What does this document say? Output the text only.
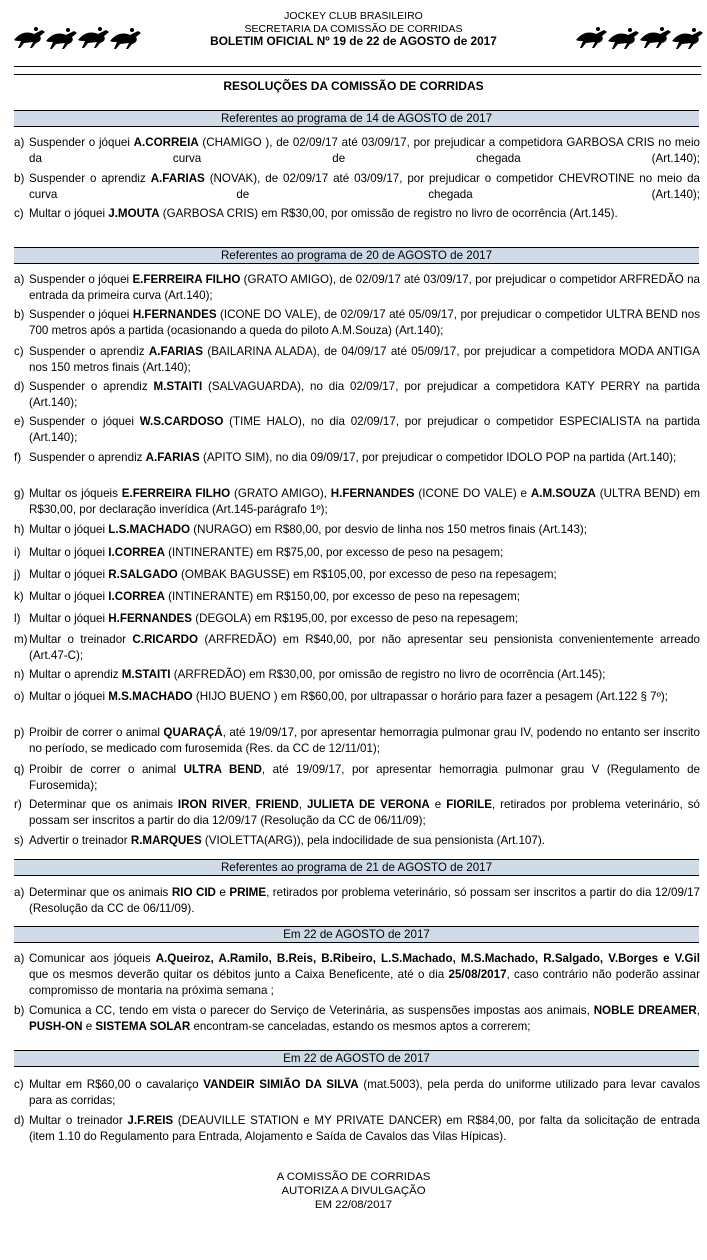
JOCKEY CLUB BRASILEIRO
SECRETARIA DA COMISSÃO DE CORRIDAS
BOLETIM OFICIAL Nº 19 de 22 de AGOSTO de 2017
RESOLUÇÕES DA COMISSÃO DE CORRIDAS
Referentes ao programa de 14 de AGOSTO de 2017
a) Suspender o jóquei A.CORREIA (CHAMIGO ), de 02/09/17 até 03/09/17, por prejudicar a competidora GARBOSA CRIS no meio da curva de chegada (Art.140);
b) Suspender o aprendiz A.FARIAS (NOVAK), de 02/09/17 até 03/09/17, por prejudicar o competidor CHEVROTINE no meio da curva de chegada (Art.140);
c) Multar o jóquei J.MOUTA (GARBOSA CRIS) em R$30,00, por omissão de registro no livro de ocorrência (Art.145).
Referentes ao programa de 20 de AGOSTO de 2017
a) Suspender o jóquei E.FERREIRA FILHO (GRATO AMIGO), de 02/09/17 até 03/09/17, por prejudicar o competidor ARFREDÃO na entrada da primeira curva (Art.140);
b) Suspender o jóquei H.FERNANDES (ICONE DO VALE), de 02/09/17 até 05/09/17, por prejudicar o competidor ULTRA BEND nos 700 metros após a partida (ocasionando a queda do piloto A.M.Souza) (Art.140);
c) Suspender o aprendiz A.FARIAS (BAILARINA ALADA), de 04/09/17 até 05/09/17, por prejudicar a competidora MODA ANTIGA nos 150 metros finais (Art.140);
d) Suspender o aprendiz M.STAITI (SALVAGUARDA), no dia 02/09/17, por prejudicar a competidora KATY PERRY na partida (Art.140);
e) Suspender o jóquei W.S.CARDOSO (TIME HALO), no dia 02/09/17, por prejudicar o competidor ESPECIALISTA na partida (Art.140);
f) Suspender o aprendiz A.FARIAS (APITO SIM), no dia 09/09/17, por prejudicar o competidor IDOLO POP na partida (Art.140);
g) Multar os jóqueis E.FERREIRA FILHO (GRATO AMIGO), H.FERNANDES (ICONE DO VALE) e A.M.SOUZA (ULTRA BEND) em R$30,00, por declaração inverídica (Art.145-parágrafo 1º);
h) Multar o jóquei L.S.MACHADO (NURAGO) em R$80,00, por desvio de linha nos 150 metros finais (Art.143);
i) Multar o jóquei I.CORREA (INTINERANTE) em R$75,00, por excesso de peso na pesagem;
j) Multar o jóquei R.SALGADO (OMBAK BAGUSSE) em R$105,00, por excesso de peso na repesagem;
k) Multar o jóquei I.CORREA (INTINERANTE) em R$150,00, por excesso de peso na repesagem;
l) Multar o jóquei H.FERNANDES (DEGOLA) em R$195,00, por excesso de peso na repesagem;
m) Multar o treinador C.RICARDO (ARFREDÃO) em R$40,00, por não apresentar seu pensionista convenientemente arreado (Art.47-C);
n) Multar o aprendiz M.STAITI (ARFREDÃO) em R$30,00, por omissão de registro no livro de ocorrência (Art.145);
o) Multar o jóquei M.S.MACHADO (HIJO BUENO ) em R$60,00, por ultrapassar o horário para fazer a pesagem (Art.122 § 7º);
p) Proibir de correr o animal QUARAÇÁ, até 19/09/17, por apresentar hemorragia pulmonar grau IV, podendo no entanto ser inscrito no período, se medicado com furosemida (Res. da CC de 12/11/01);
q) Proibir de correr o animal ULTRA BEND, até 19/09/17, por apresentar hemorragia pulmonar grau V (Regulamento de Furosemida);
r) Determinar que os animais IRON RIVER, FRIEND, JULIETA DE VERONA e FIORILE, retirados por problema veterinário, só possam ser inscritos a partir do dia 12/09/17 (Resolução da CC de 06/11/09);
s) Advertir o treinador R.MARQUES (VIOLETTA(ARG)), pela indocilidade de sua pensionista (Art.107).
Referentes ao programa de 21 de AGOSTO de 2017
a) Determinar que os animais RIO CID e PRIME, retirados por problema veterinário, só possam ser inscritos a partir do dia 12/09/17 (Resolução da CC de 06/11/09).
Em 22 de AGOSTO de 2017
a) Comunicar aos jóqueis A.Queiroz, A.Ramilo, B.Reis, B.Ribeiro, L.S.Machado, M.S.Machado, R.Salgado, V.Borges e V.Gil que os mesmos deverão quitar os débitos junto a Caixa Beneficente, até o dia 25/08/2017, caso contrário não poderão assinar compromisso de montaria na próxima semana ;
b) Comunica a CC, tendo em vista o parecer do Serviço de Veterinária, as suspensões impostas aos animais, NOBLE DREAMER, PUSH-ON e SISTEMA SOLAR encontram-se canceladas, estando os mesmos aptos a correrem;
Em 22 de AGOSTO de 2017
c) Multar em R$60,00 o cavalariço VANDEIR SIMIÃO DA SILVA (mat.5003), pela perda do uniforme utilizado para levar cavalos para as corridas;
d) Multar o treinador J.F.REIS (DEAUVILLE STATION e MY PRIVATE DANCER) em R$84,00, por falta da solicitação de entrada (item 1.10 do Regulamento para Entrada, Alojamento e Saída de Cavalos das Vilas Hípicas).
A COMISSÃO DE CORRIDAS
AUTORIZA A DIVULGAÇÃO
EM 22/08/2017
